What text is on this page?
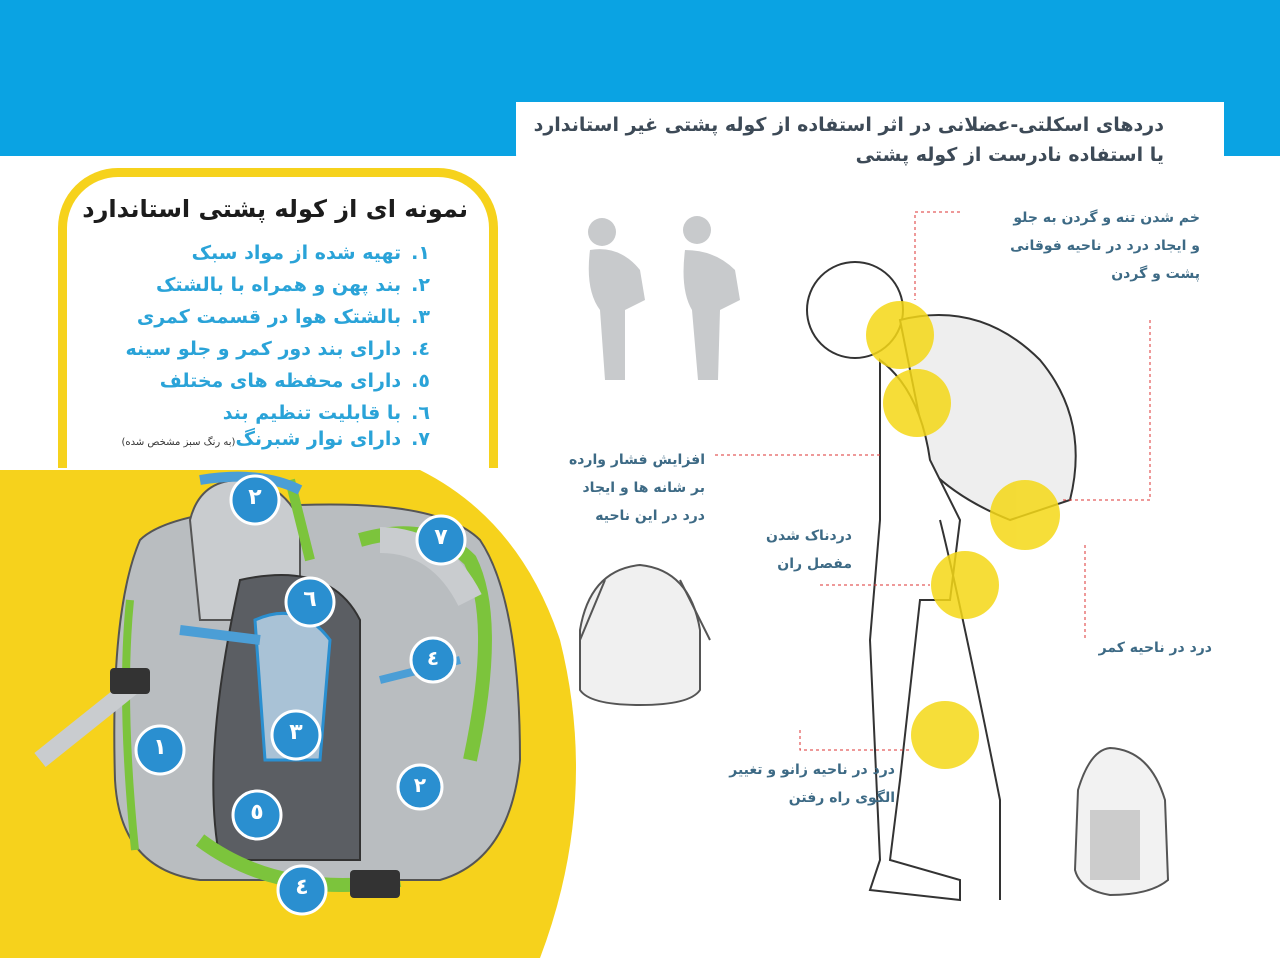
۲
٧
٦
٤
۱
۳
۲
٥
٤
دردهای اسکلتی-عضلانی در اثر استفاده از کوله پشتی غیر استاندارد
یا استفاده نادرست از کوله پشتی
نمونه ای از کوله پشتی استاندارد
۱.تهیه شده از مواد سبک
۲.بند پهن و همراه با بالشتک
۳.بالشتک هوا در قسمت کمری
٤.دارای بند دور کمر و جلو سینه
٥.دارای محفظه های مختلف
٦.با قابلیت تنظیم بند
٧.دارای نوار شبرنگ(به رنگ سبز مشخص شده)
خم شدن تنه و گردن به جلو
و ایجاد درد در ناحیه فوقانی
پشت و گردن
افزایش فشار وارده
بر شانه ها و ایجاد
درد در این ناحیه
دردناک شدن
مفصل ران
درد در ناحیه کمر
درد در ناحیه زانو و تغییر
الگوی راه رفتن
